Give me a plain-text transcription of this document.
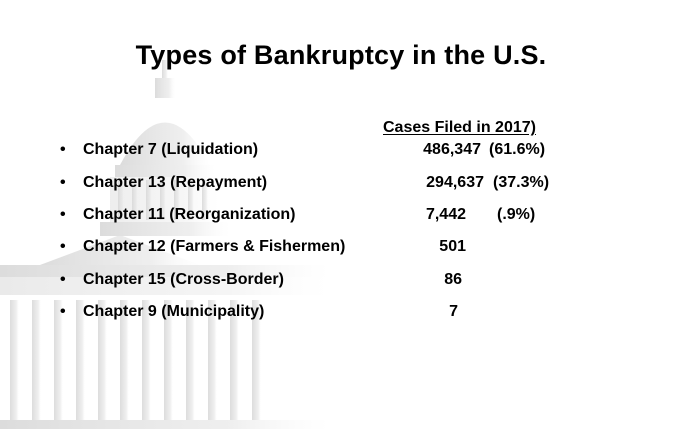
Types of Bankruptcy in the U.S.
Cases Filed in 2017)
• Chapter 7 (Liquidation)	486,347 (61.6%)
• Chapter 13 (Repayment)	294,637 (37.3%)
• Chapter 11 (Reorganization)	7,442 (.9%)
• Chapter 12 (Farmers & Fishermen)	501
• Chapter 15 (Cross-Border)	86
• Chapter 9 (Municipality)	7
